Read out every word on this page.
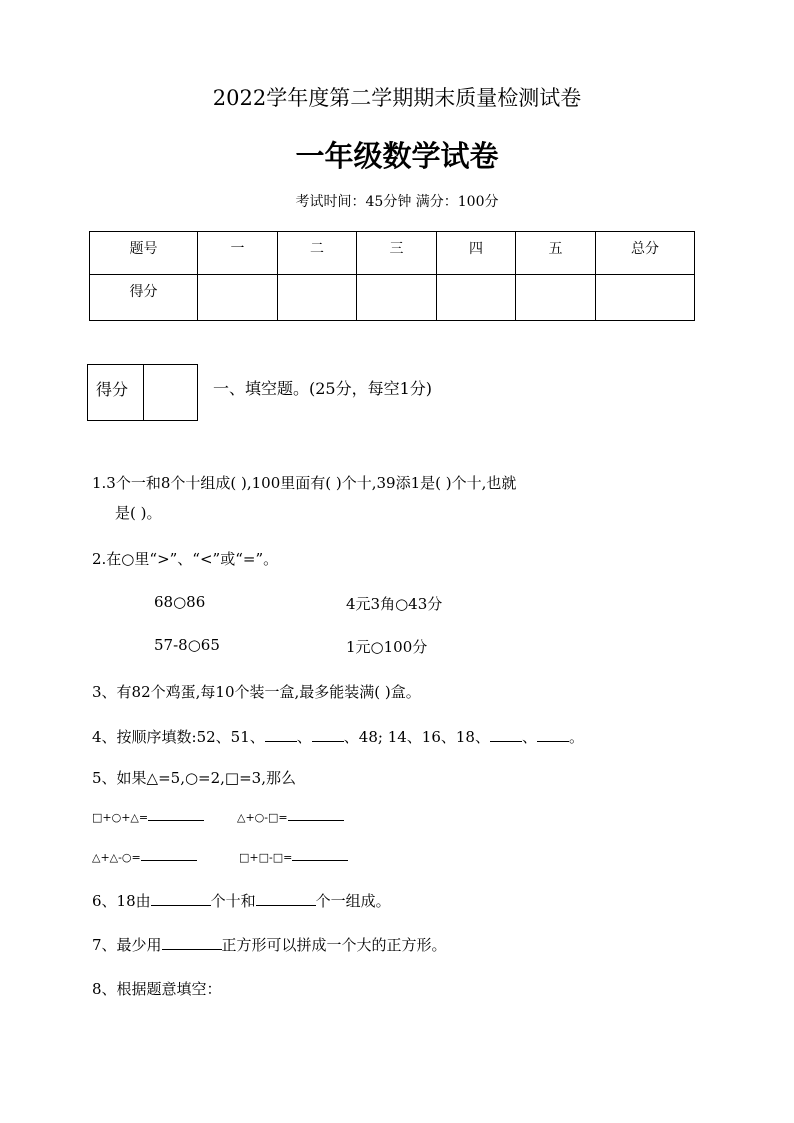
2022学年度第二学期期末质量检测试卷
一年级数学试卷
考试时间：45分钟 满分：100分
题号	一	二	三	四	五	总分
得分						
得分	一、填空题。(25分，每空1分)
1.3个一和8个十组成( ),100里面有( )个十,39添1是( )个十,也就
是( )。
2.在○里“>”、“<”或“=”。
68○86	4元3角○43分
57-8○65	1元○100分
3、有82个鸡蛋,每10个装一盒,最多能装满( )盒。
4、按顺序填数:52、51、 、 、48; 14、16、18、 、 。
5、如果△=5,○=2,□=3,那么
□+○+△=	△+○-□=
△+△-○=	□+□-□=
6、18由	个十和	个一组成。
7、最少用	正方形可以拼成一个大的正方形。
8、根据题意填空：
